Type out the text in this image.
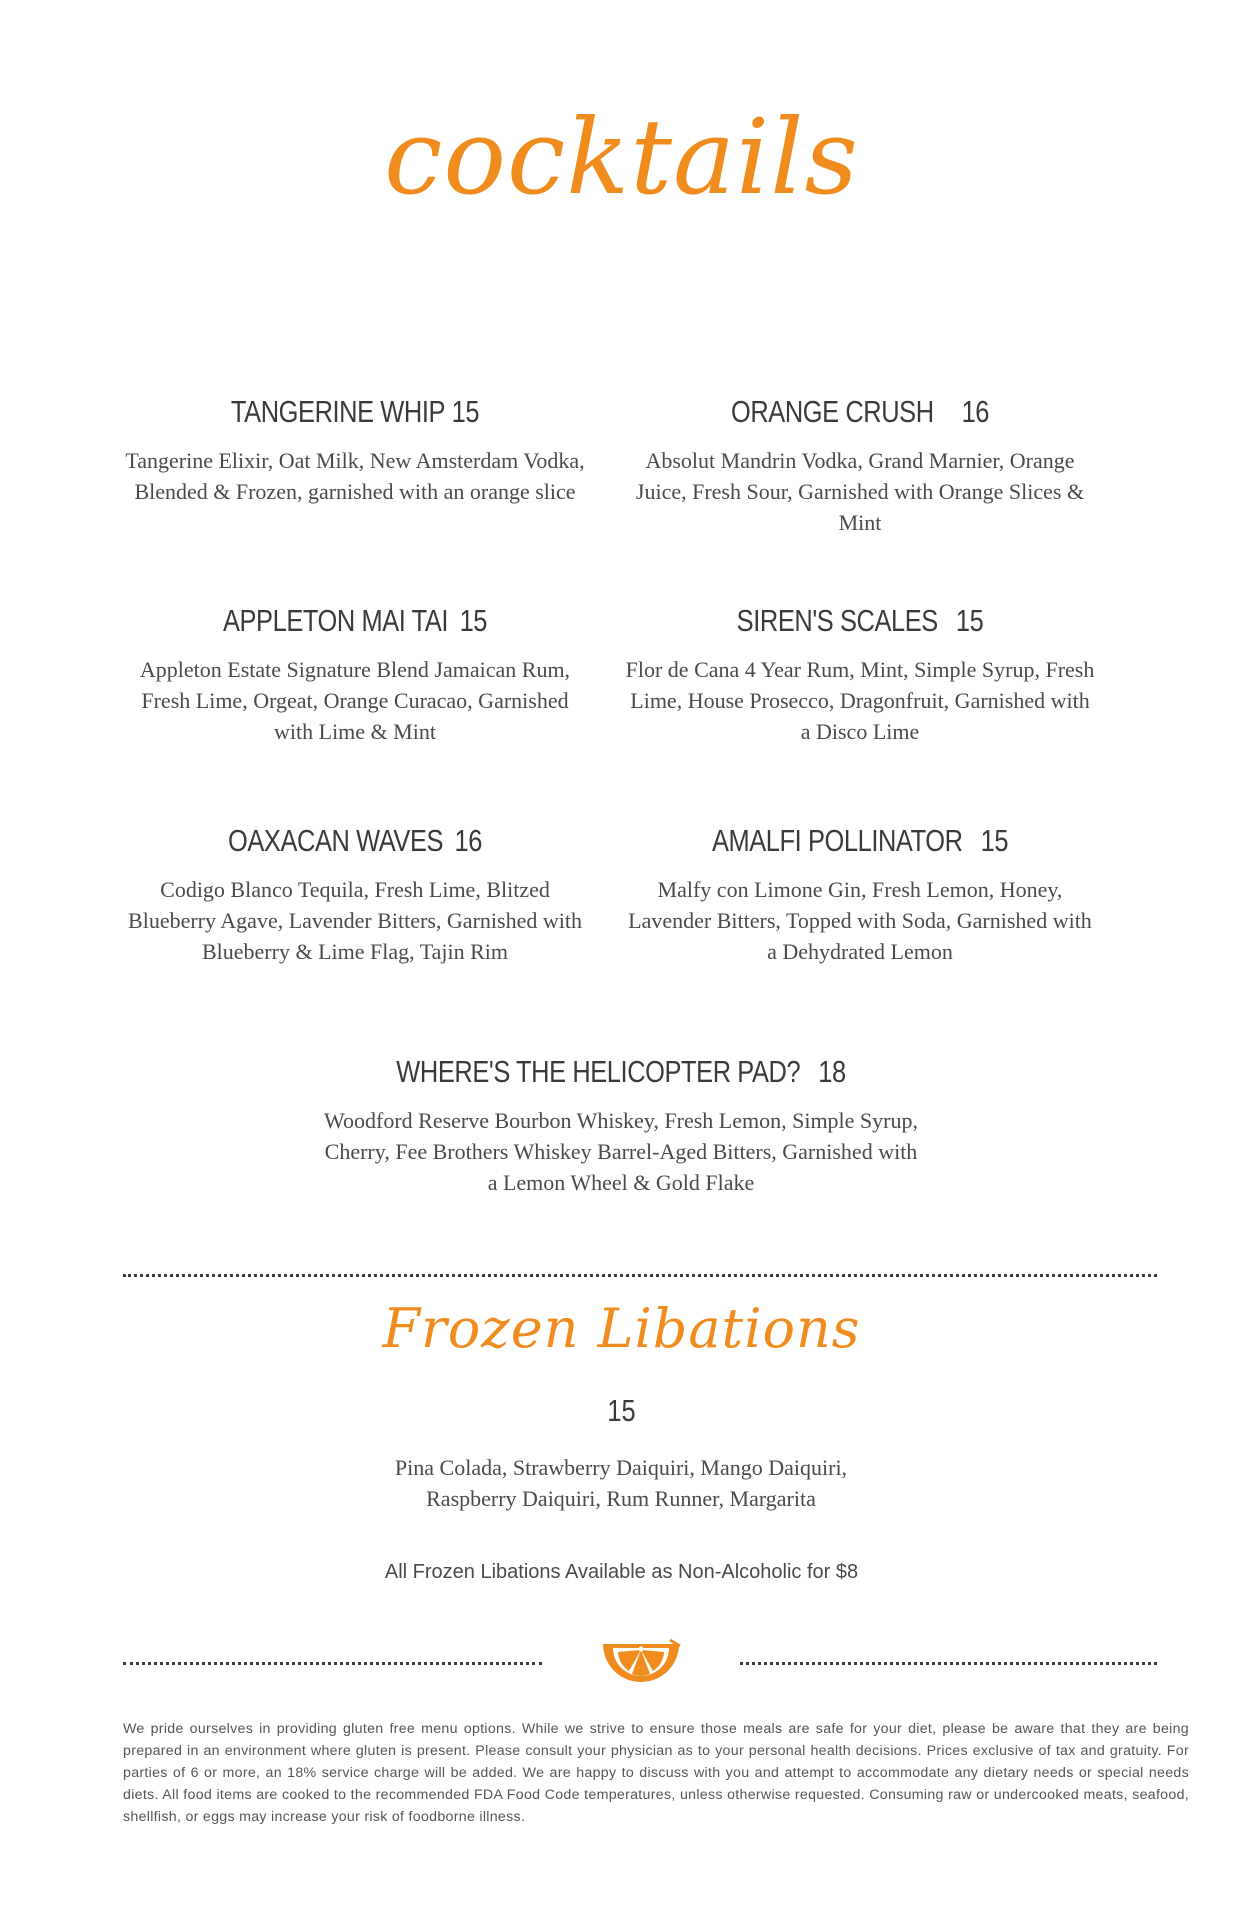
cocktails
TANGERINE WHIP 15

Tangerine Elixir, Oat Milk, New Amsterdam Vodka, Blended & Frozen, garnished with an orange slice

ORANGE CRUSH 16

Absolut Mandrin Vodka, Grand Marnier, Orange Juice, Fresh Sour, Garnished with Orange Slices & Mint

APPLETON MAI TAI 15

Appleton Estate Signature Blend Jamaican Rum, Fresh Lime, Orgeat, Orange Curacao, Garnished with Lime & Mint

SIREN'S SCALES 15

Flor de Cana 4 Year Rum, Mint, Simple Syrup, Fresh Lime, House Prosecco, Dragonfruit, Garnished with a Disco Lime

OAXACAN WAVES 16

Codigo Blanco Tequila, Fresh Lime, Blitzed Blueberry Agave, Lavender Bitters, Garnished with Blueberry & Lime Flag, Tajin Rim

AMALFI POLLINATOR 15

Malfy con Limone Gin, Fresh Lemon, Honey, Lavender Bitters, Topped with Soda, Garnished with a Dehydrated Lemon

WHERE'S THE HELICOPTER PAD? 18

Woodford Reserve Bourbon Whiskey, Fresh Lemon, Simple Syrup, Cherry, Fee Brothers Whiskey Barrel-Aged Bitters, Garnished with a Lemon Wheel & Gold Flake

Frozen Libations
15

Pina Colada, Strawberry Daiquiri, Mango Daiquiri, Raspberry Daiquiri, Rum Runner, Margarita

All Frozen Libations Available as Non-Alcoholic for $8

We pride ourselves in providing gluten free menu options. While we strive to ensure those meals are safe for your diet, please be aware that they are being prepared in an environment where gluten is present. Please consult your physician as to your personal health decisions. Prices exclusive of tax and gratuity. For parties of 6 or more, an 18% service charge will be added. We are happy to discuss with you and attempt to accommodate any dietary needs or special needs diets. All food items are cooked to the recommended FDA Food Code temperatures, unless otherwise requested. Consuming raw or undercooked meats, seafood, shellfish, or eggs may increase your risk of foodborne illness.
